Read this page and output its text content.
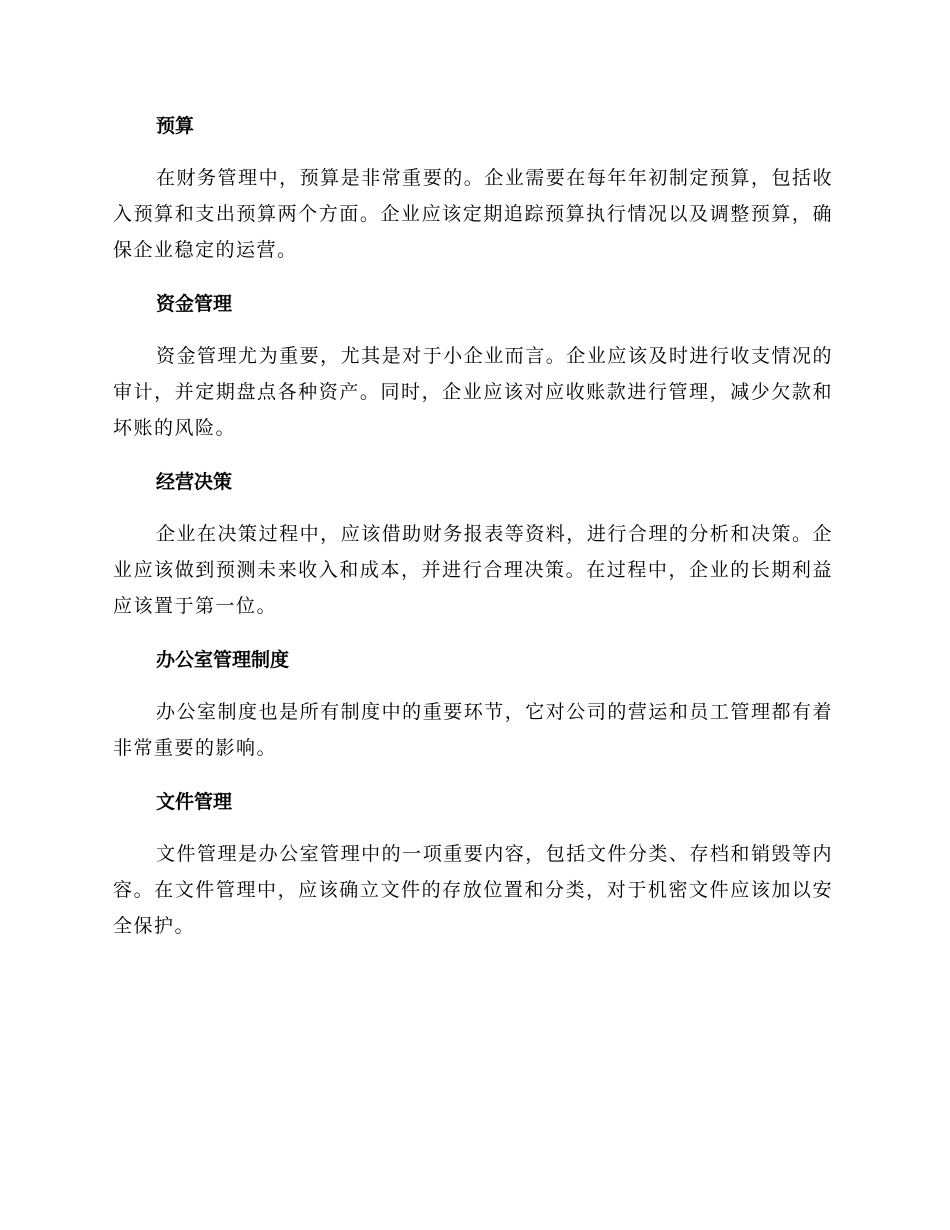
预算

在财务管理中，预算是非常重要的。企业需要在每年年初制定预算，包括收入预算和支出预算两个方面。企业应该定期追踪预算执行情况以及调整预算，确保企业稳定的运营。

资金管理

资金管理尤为重要，尤其是对于小企业而言。企业应该及时进行收支情况的审计，并定期盘点各种资产。同时，企业应该对应收账款进行管理，减少欠款和坏账的风险。

经营决策

企业在决策过程中，应该借助财务报表等资料，进行合理的分析和决策。企业应该做到预测未来收入和成本，并进行合理决策。在过程中，企业的长期利益应该置于第一位。

办公室管理制度

办公室制度也是所有制度中的重要环节，它对公司的营运和员工管理都有着非常重要的影响。

文件管理

文件管理是办公室管理中的一项重要内容，包括文件分类、存档和销毁等内容。在文件管理中，应该确立文件的存放位置和分类，对于机密文件应该加以安全保护。
